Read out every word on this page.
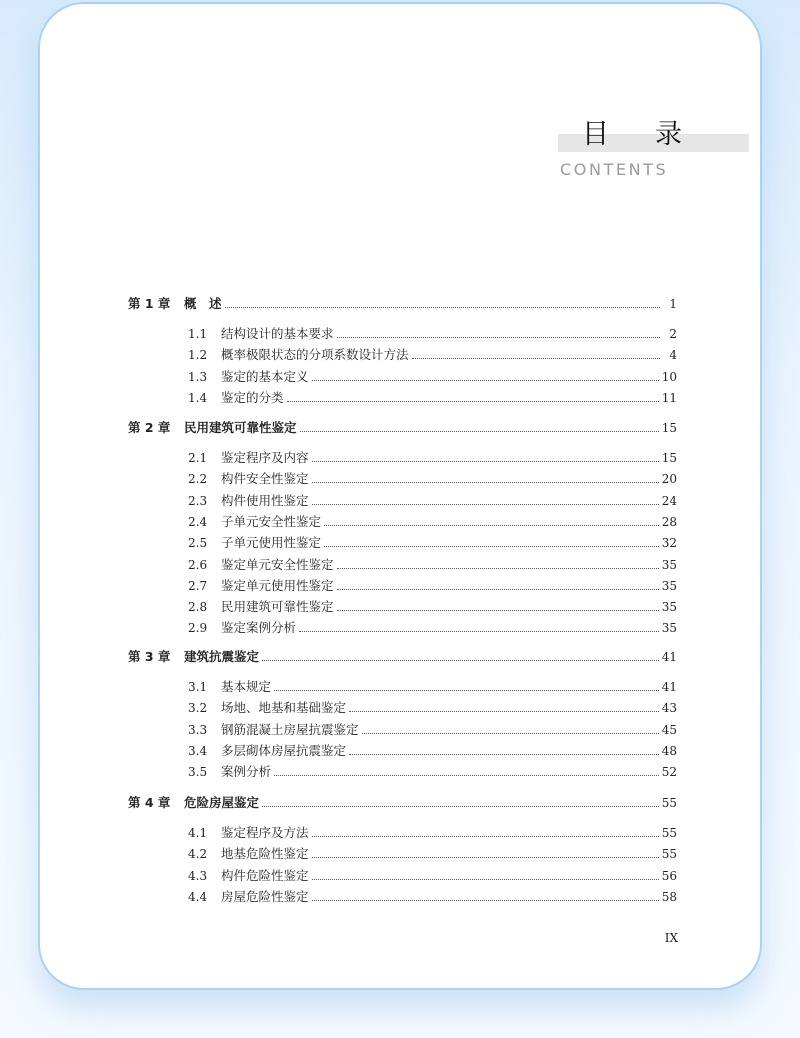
目录
CONTENTS
第 1 章	概　述	1
1.1	结构设计的基本要求	2
1.2	概率极限状态的分项系数设计方法	4
1.3	鉴定的基本定义	10
1.4	鉴定的分类	11
第 2 章	民用建筑可靠性鉴定	15
2.1	鉴定程序及内容	15
2.2	构件安全性鉴定	20
2.3	构件使用性鉴定	24
2.4	子单元安全性鉴定	28
2.5	子单元使用性鉴定	32
2.6	鉴定单元安全性鉴定	35
2.7	鉴定单元使用性鉴定	35
2.8	民用建筑可靠性鉴定	35
2.9	鉴定案例分析	35
第 3 章	建筑抗震鉴定	41
3.1	基本规定	41
3.2	场地、地基和基础鉴定	43
3.3	钢筋混凝土房屋抗震鉴定	45
3.4	多层砌体房屋抗震鉴定	48
3.5	案例分析	52
第 4 章	危险房屋鉴定	55
4.1	鉴定程序及方法	55
4.2	地基危险性鉴定	55
4.3	构件危险性鉴定	56
4.4	房屋危险性鉴定	58
IX
